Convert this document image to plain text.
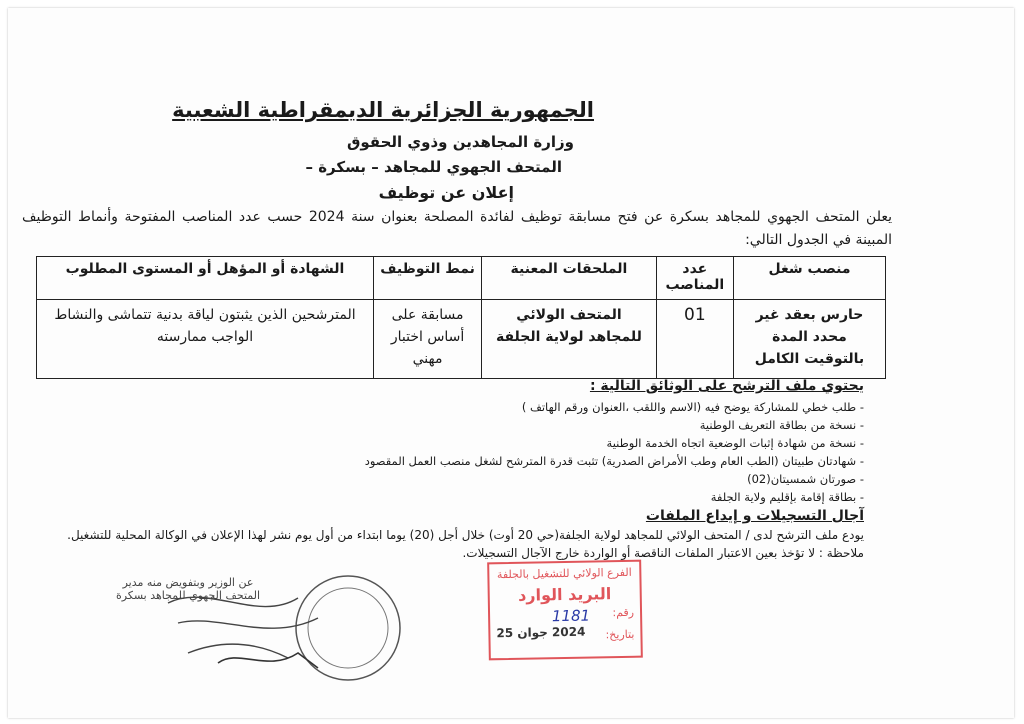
الجمهورية الجزائرية الديمقراطية الشعبية
وزارة المجاهدين وذوي الحقوق
المتحف الجهوي للمجاهد – بسكرة –
إعلان عن توظيف
يعلن المتحف الجهوي للمجاهد بسكرة عن فتح مسابقة توظيف لفائدة المصلحة بعنوان سنة 2024 حسب عدد المناصب المفتوحة وأنماط التوظيف المبينة في الجدول التالي:
منصب شغل	عدد المناصب	الملحقات المعنية	نمط التوظيف	الشهادة أو المؤهل أو المستوى المطلوب
حارس بعقد غير محدد المدة بالتوقيت الكامل	01	المتحف الولائي للمجاهد لولاية الجلفة	مسابقة على أساس اختبار مهني	المترشحين الذين يثبتون لياقة بدنية تتماشى والنشاط الواجب ممارسته
يحتوي ملف الترشح على الوثائق التالية :
- طلب خطي للمشاركة يوضح فيه (الاسم واللقب ،العنوان ورقم الهاتف )
- نسخة من بطاقة التعريف الوطنية
- نسخة من شهادة إثبات الوضعية اتجاه الخدمة الوطنية
- شهادتان طبيتان (الطب العام وطب الأمراض الصدرية) تثبت قدرة المترشح لشغل منصب العمل المقصود
- صورتان شمسيتان(02)
- بطاقة إقامة بإقليم ولاية الجلفة
آجال التسجيلات و إيداع الملفات
يودع ملف الترشح لدى / المتحف الولائي للمجاهد لولاية الجلفة(حي 20 أوت) خلال أجل (20) يوما ابتداء من أول يوم نشر لهذا الإعلان في الوكالة المحلية للتشغيل.
ملاحظة : لا تؤخذ بعين الاعتبار الملفات الناقصة أو الواردة خارج الآجال التسجيلات.
عن الوزير وبتفويض منه مدير المتحف الجهوي للمجاهد بسكرة
الفرع الولائي للتشغيل بالجلفة
البريد الوارد
رقم:
1181
بتاريخ:
2024 جوان 25
